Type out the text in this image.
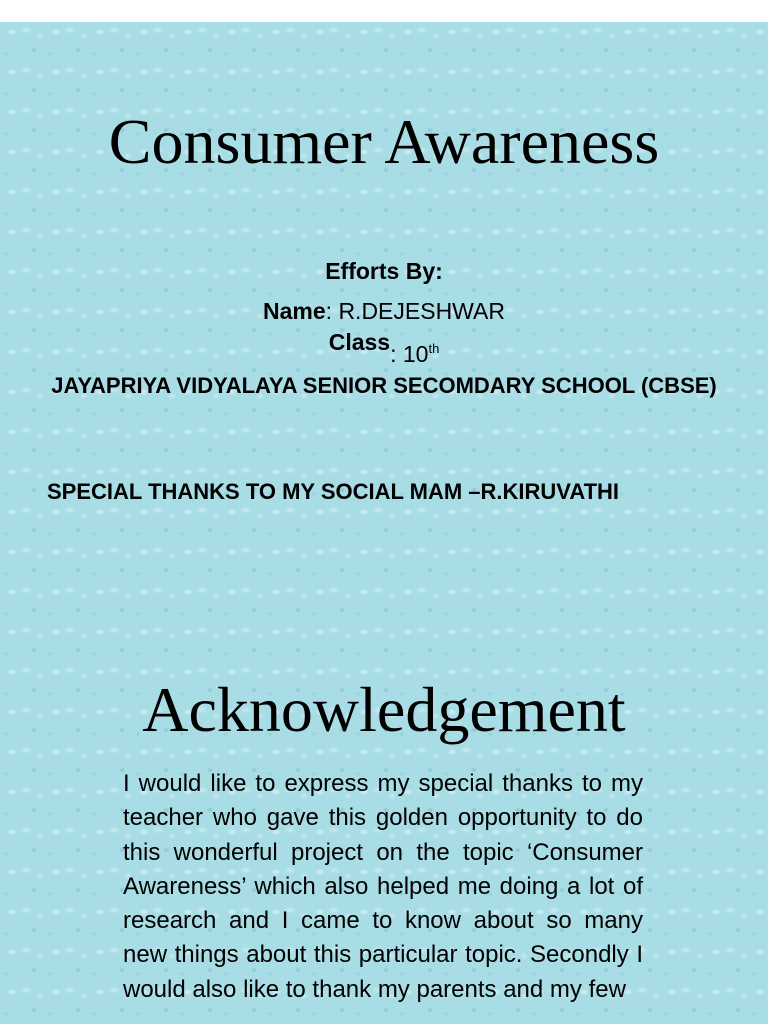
Consumer Awareness
Efforts By:
Name: R.DEJESHWAR
Class: 10th
JAYAPRIYA VIDYALAYA SENIOR SECOMDARY SCHOOL (CBSE)
SPECIAL THANKS TO MY SOCIAL MAM –R.KIRUVATHI
Acknowledgement

I would like to express my special thanks to my teacher who gave this golden opportunity to do this wonderful project on the topic ‘Consumer Awareness’ which also helped me doing a lot of research and I came to know about so many new things about this particular topic. Secondly I would also like to thank my parents and my few
